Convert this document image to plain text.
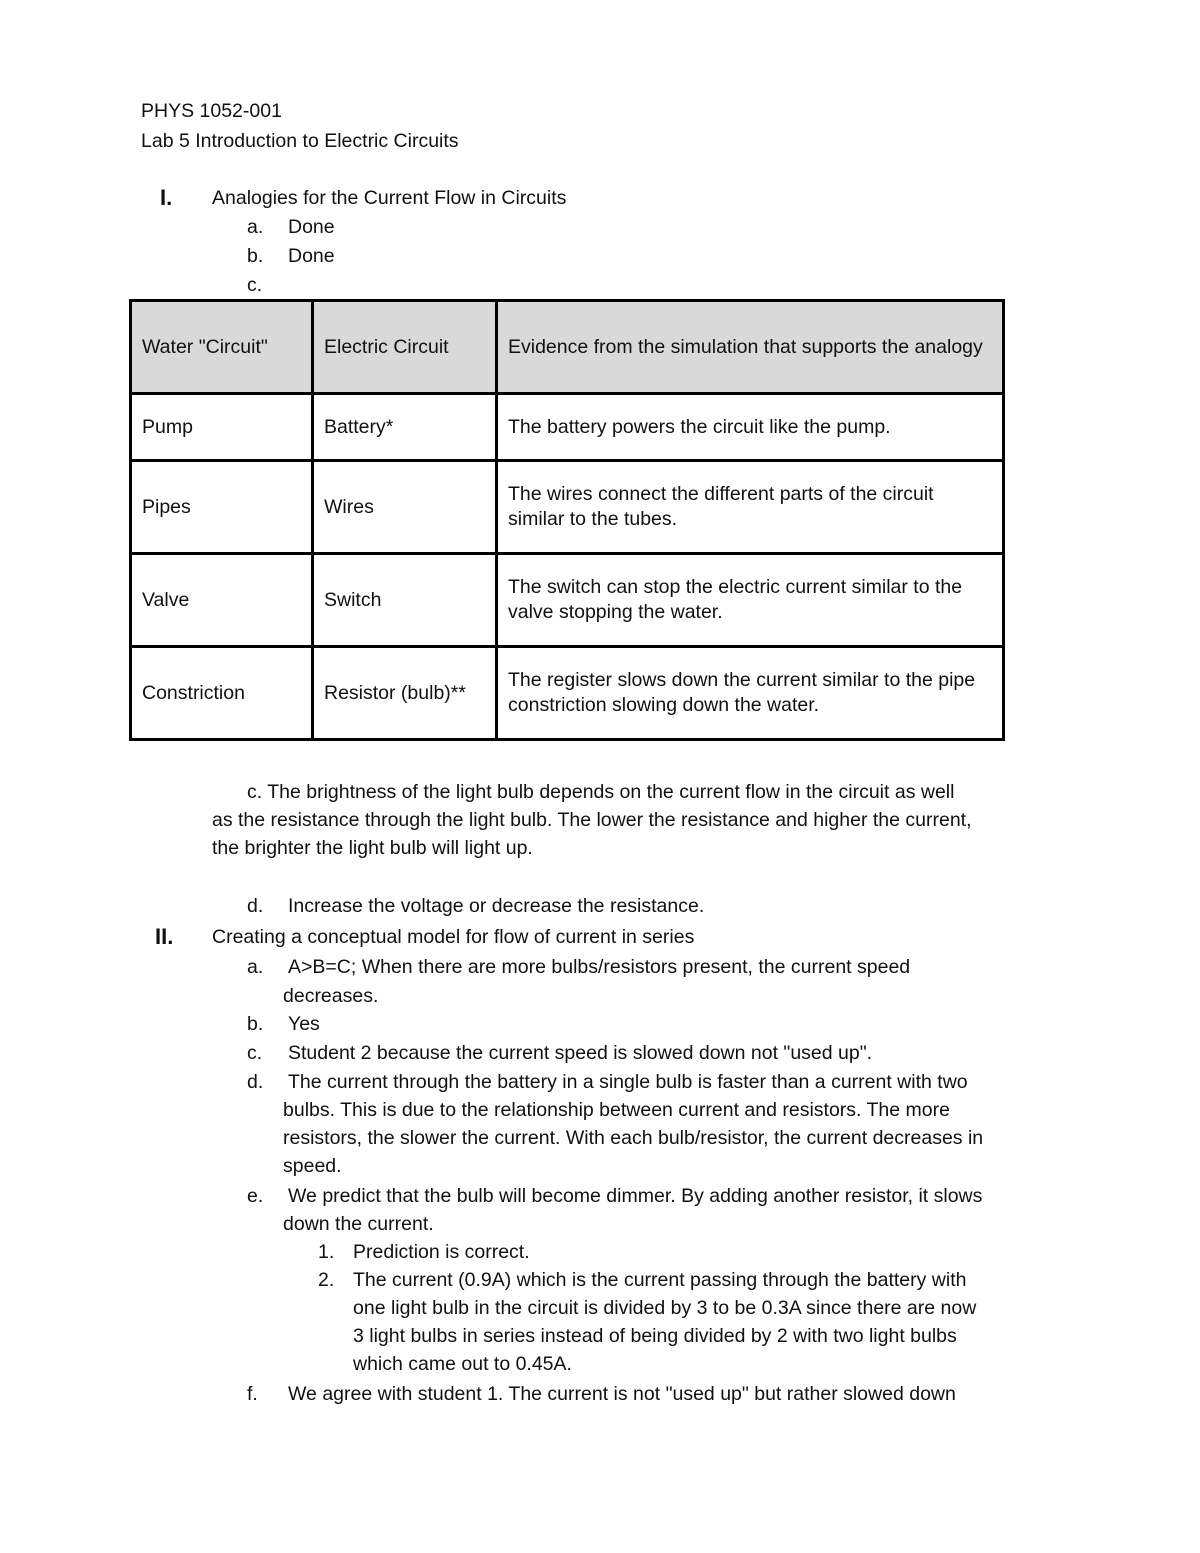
PHYS 1052-001
Lab 5 Introduction to Electric Circuits
I. Analogies for the Current Flow in Circuits
a. Done
b. Done
c.
Water "Circuit"	Electric Circuit	Evidence from the simulation that supports the analogy
Pump	Battery*	The battery powers the circuit like the pump.
Pipes	Wires	The wires connect the different parts of the circuit similar to the tubes.
Valve	Switch	The switch can stop the electric current similar to the valve stopping the water.
Constriction	Resistor (bulb)**	The register slows down the current similar to the pipe constriction slowing down the water.
c. The brightness of the light bulb depends on the current flow in the circuit as well
as the resistance through the light bulb. The lower the resistance and higher the current,
the brighter the light bulb will light up.
d. Increase the voltage or decrease the resistance.
II. Creating a conceptual model for flow of current in series
a. A>B=C; When there are more bulbs/resistors present, the current speed
decreases.
b. Yes
c. Student 2 because the current speed is slowed down not "used up".
d. The current through the battery in a single bulb is faster than a current with two
bulbs. This is due to the relationship between current and resistors. The more
resistors, the slower the current. With each bulb/resistor, the current decreases in
speed.
e. We predict that the bulb will become dimmer. By adding another resistor, it slows
down the current.
1. Prediction is correct.
2. The current (0.9A) which is the current passing through the battery with
one light bulb in the circuit is divided by 3 to be 0.3A since there are now
3 light bulbs in series instead of being divided by 2 with two light bulbs
which came out to 0.45A.
f. We agree with student 1. The current is not "used up" but rather slowed down
